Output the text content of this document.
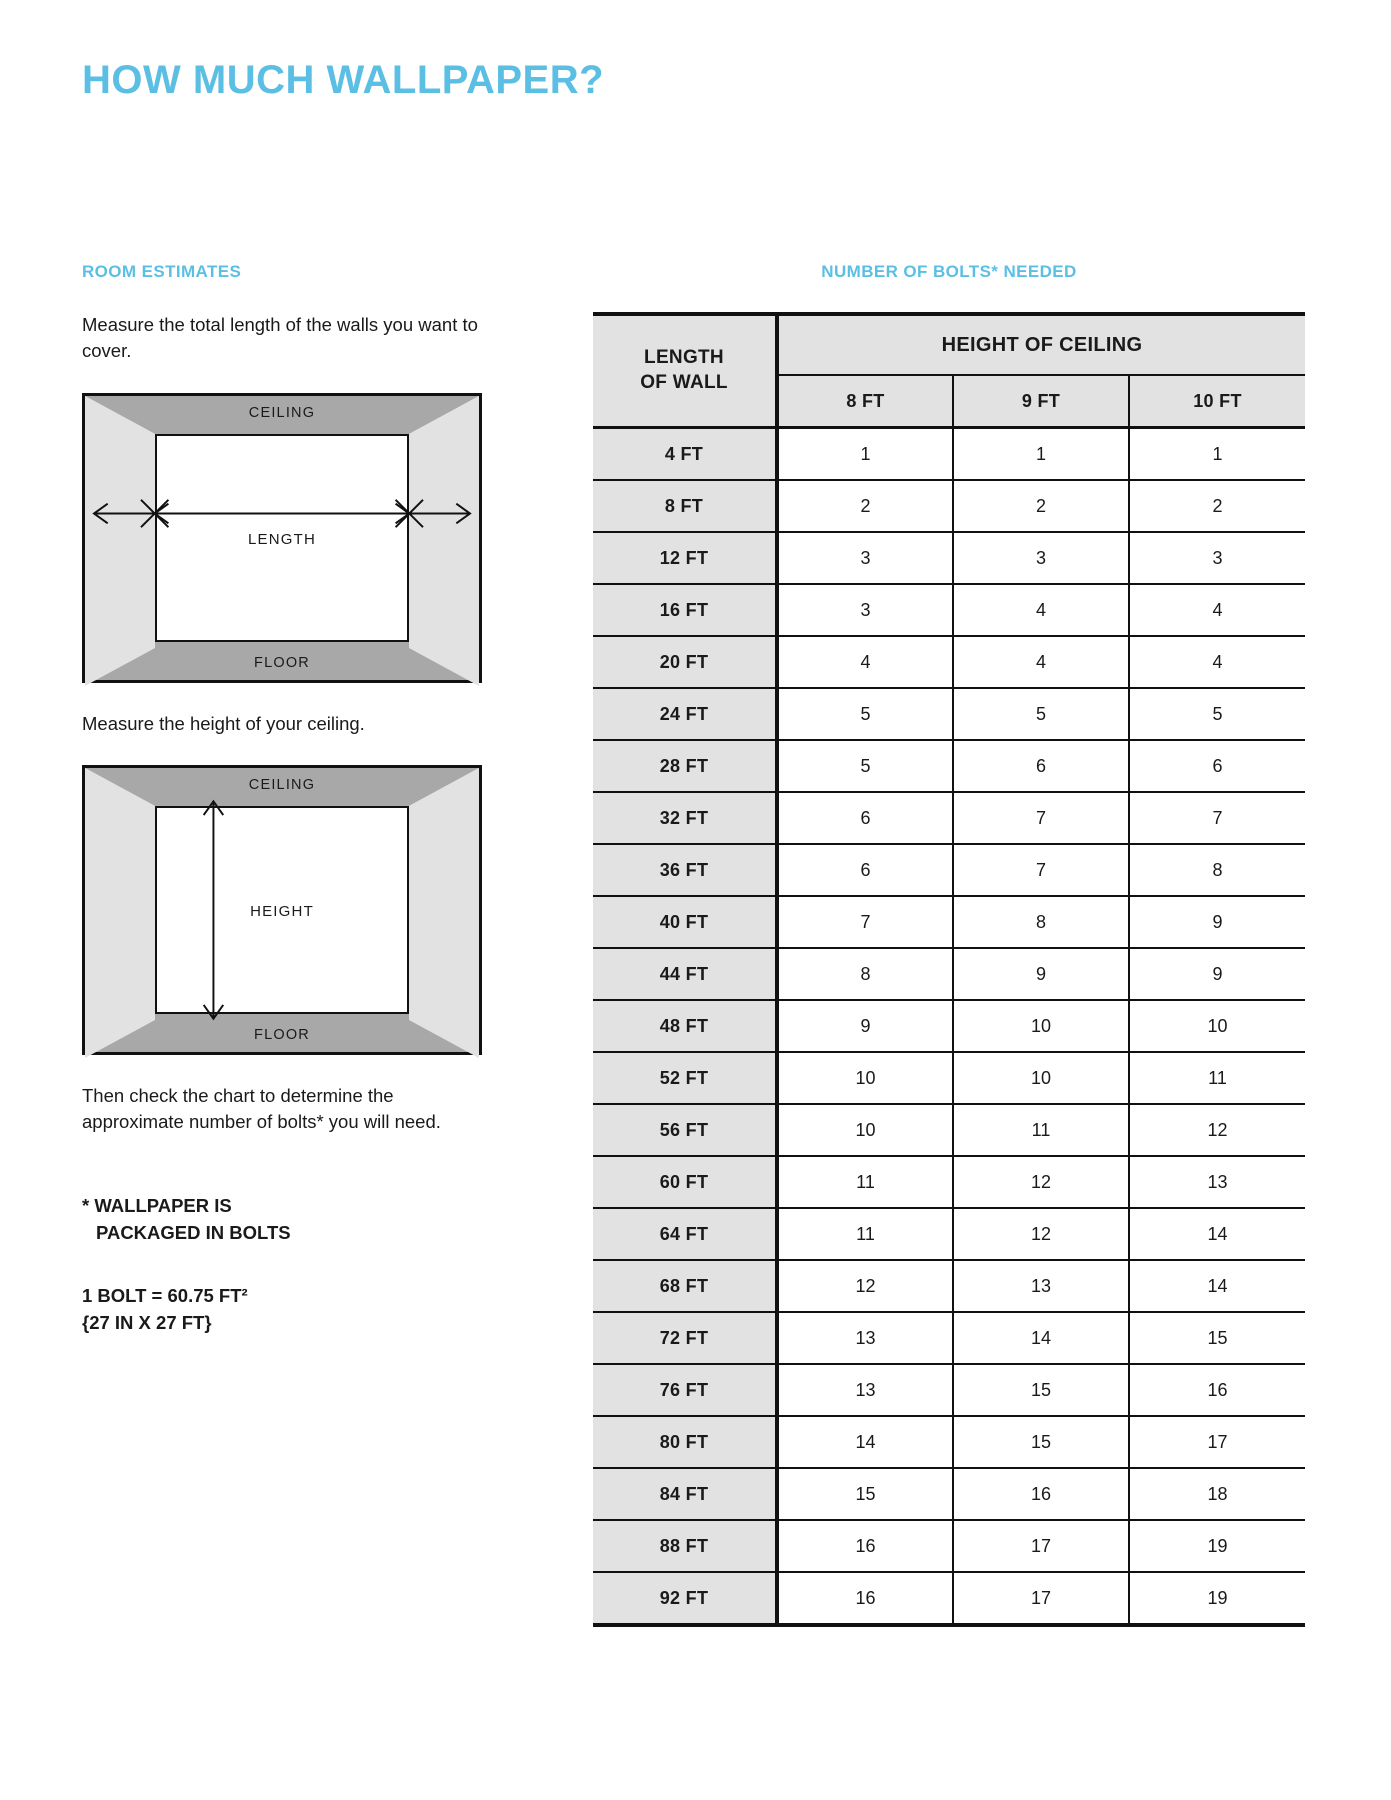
HOW MUCH WALLPAPER?
ROOM ESTIMATES

Measure the total length of the walls you want to cover.

CEILING
FLOOR
LENGTH

Measure the height of your ceiling.

CEILING
FLOOR
HEIGHT

Then check the chart to determine the approximate number of bolts* you will need.

* WALLPAPER IS
PACKAGED IN BOLTS
1 BOLT = 60.75 FT²
{27 IN X 27 FT}
NUMBER OF BOLTS* NEEDED
LENGTH
OF WALL	HEIGHT OF CEILING		
	8 FT	9 FT	10 FT
4 FT	1	1	1
8 FT	2	2	2
12 FT	3	3	3
16 FT	3	4	4
20 FT	4	4	4
24 FT	5	5	5
28 FT	5	6	6
32 FT	6	7	7
36 FT	6	7	8
40 FT	7	8	9
44 FT	8	9	9
48 FT	9	10	10
52 FT	10	10	11
56 FT	10	11	12
60 FT	11	12	13
64 FT	11	12	14
68 FT	12	13	14
72 FT	13	14	15
76 FT	13	15	16
80 FT	14	15	17
84 FT	15	16	18
88 FT	16	17	19
92 FT	16	17	19
